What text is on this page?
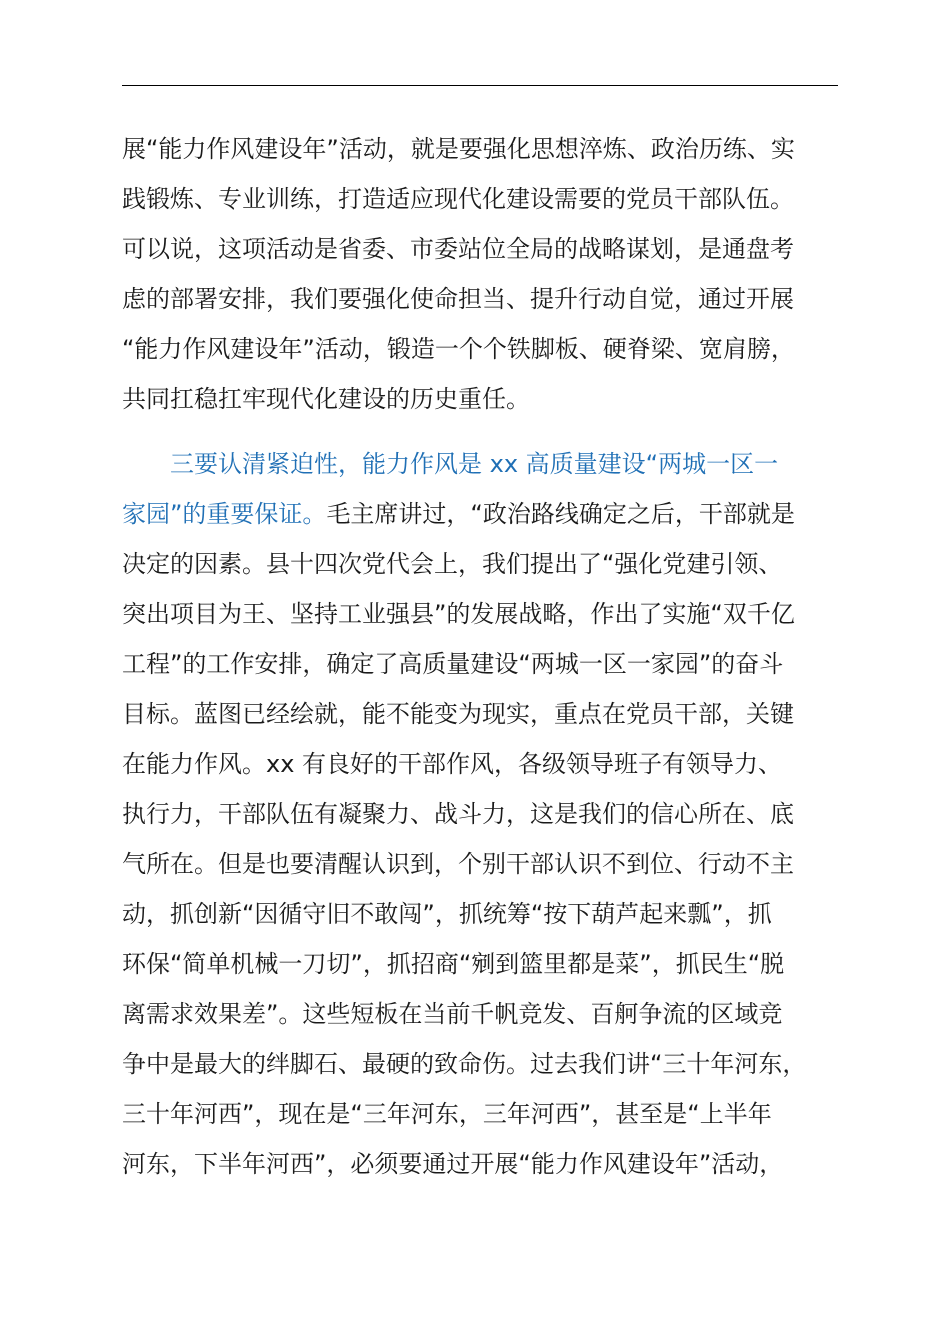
展“能力作风建设年”活动，就是要强化思想淬炼、政治历练、实
践锻炼、专业训练，打造适应现代化建设需要的党员干部队伍。
可以说，这项活动是省委、市委站位全局的战略谋划，是通盘考
虑的部署安排，我们要强化使命担当、提升行动自觉，通过开展
“能力作风建设年”活动，锻造一个个铁脚板、硬脊梁、宽肩膀，
共同扛稳扛牢现代化建设的历史重任。
三要认清紧迫性，能力作风是 xx 高质量建设“两城一区一
家园”的重要保证。毛主席讲过，“政治路线确定之后，干部就是
决定的因素。县十四次党代会上，我们提出了“强化党建引领、
突出项目为王、坚持工业强县”的发展战略，作出了实施“双千亿
工程”的工作安排，确定了高质量建设“两城一区一家园”的奋斗
目标。蓝图已经绘就，能不能变为现实，重点在党员干部，关键
在能力作风。xx 有良好的干部作风，各级领导班子有领导力、
执行力，干部队伍有凝聚力、战斗力，这是我们的信心所在、底
气所在。但是也要清醒认识到，个别干部认识不到位、行动不主
动，抓创新“因循守旧不敢闯”，抓统筹“按下葫芦起来瓢”，抓
环保“简单机械一刀切”，抓招商“剜到篮里都是菜”，抓民生“脱
离需求效果差”。这些短板在当前千帆竞发、百舸争流的区域竞
争中是最大的绊脚石、最硬的致命伤。过去我们讲“三十年河东，
三十年河西”，现在是“三年河东，三年河西”，甚至是“上半年
河东，下半年河西”，必须要通过开展“能力作风建设年”活动，
